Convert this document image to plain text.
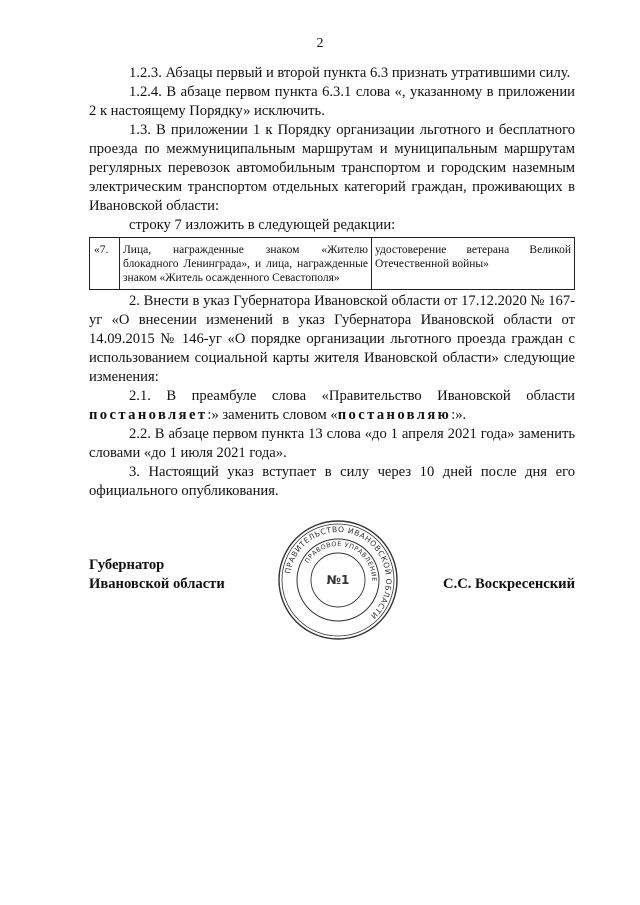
2

1.2.3. Абзацы первый и второй пункта 6.3 признать утратившими силу.

1.2.4. В абзаце первом пункта 6.3.1 слова «, указанному в приложении 2 к настоящему Порядку» исключить.

1.3. В приложении 1 к Порядку организации льготного и бесплатного проезда по межмуниципальным маршрутам и муниципальным маршрутам регулярных перевозок автомобильным транспортом и городским наземным электрическим транспортом отдельных категорий граждан, проживающих в Ивановской области:

строку 7 изложить в следующей редакции:

«7.	Лица, награжденные знаком «Жителю блокадного Ленинграда», и лица, награжденные знаком «Житель осажденного Севастополя»	удостоверение ветерана Великой Отечественной войны»

2. Внести в указ Губернатора Ивановской области от 17.12.2020 № 167-уг «О внесении изменений в указ Губернатора Ивановской области от 14.09.2015 № 146-уг «О порядке организации льготного проезда граждан с использованием социальной карты жителя Ивановской области» следующие изменения:

2.1. В преамбуле слова «Правительство Ивановской области постановляет:» заменить словом «постановляю:».

2.2. В абзаце первом пункта 13 слова «до 1 апреля 2021 года» заменить словами «до 1 июля 2021 года».

3. Настоящий указ вступает в силу через 10 дней после дня его официального опубликования.

Губернатор
Ивановской области	С.С. Воскресенский
ПРАВИТЕЛЬСТВО ИВАНОВСКОЙ ОБЛАСТИ
ПРАВОВОЕ УПРАВЛЕНИЕ
№1
